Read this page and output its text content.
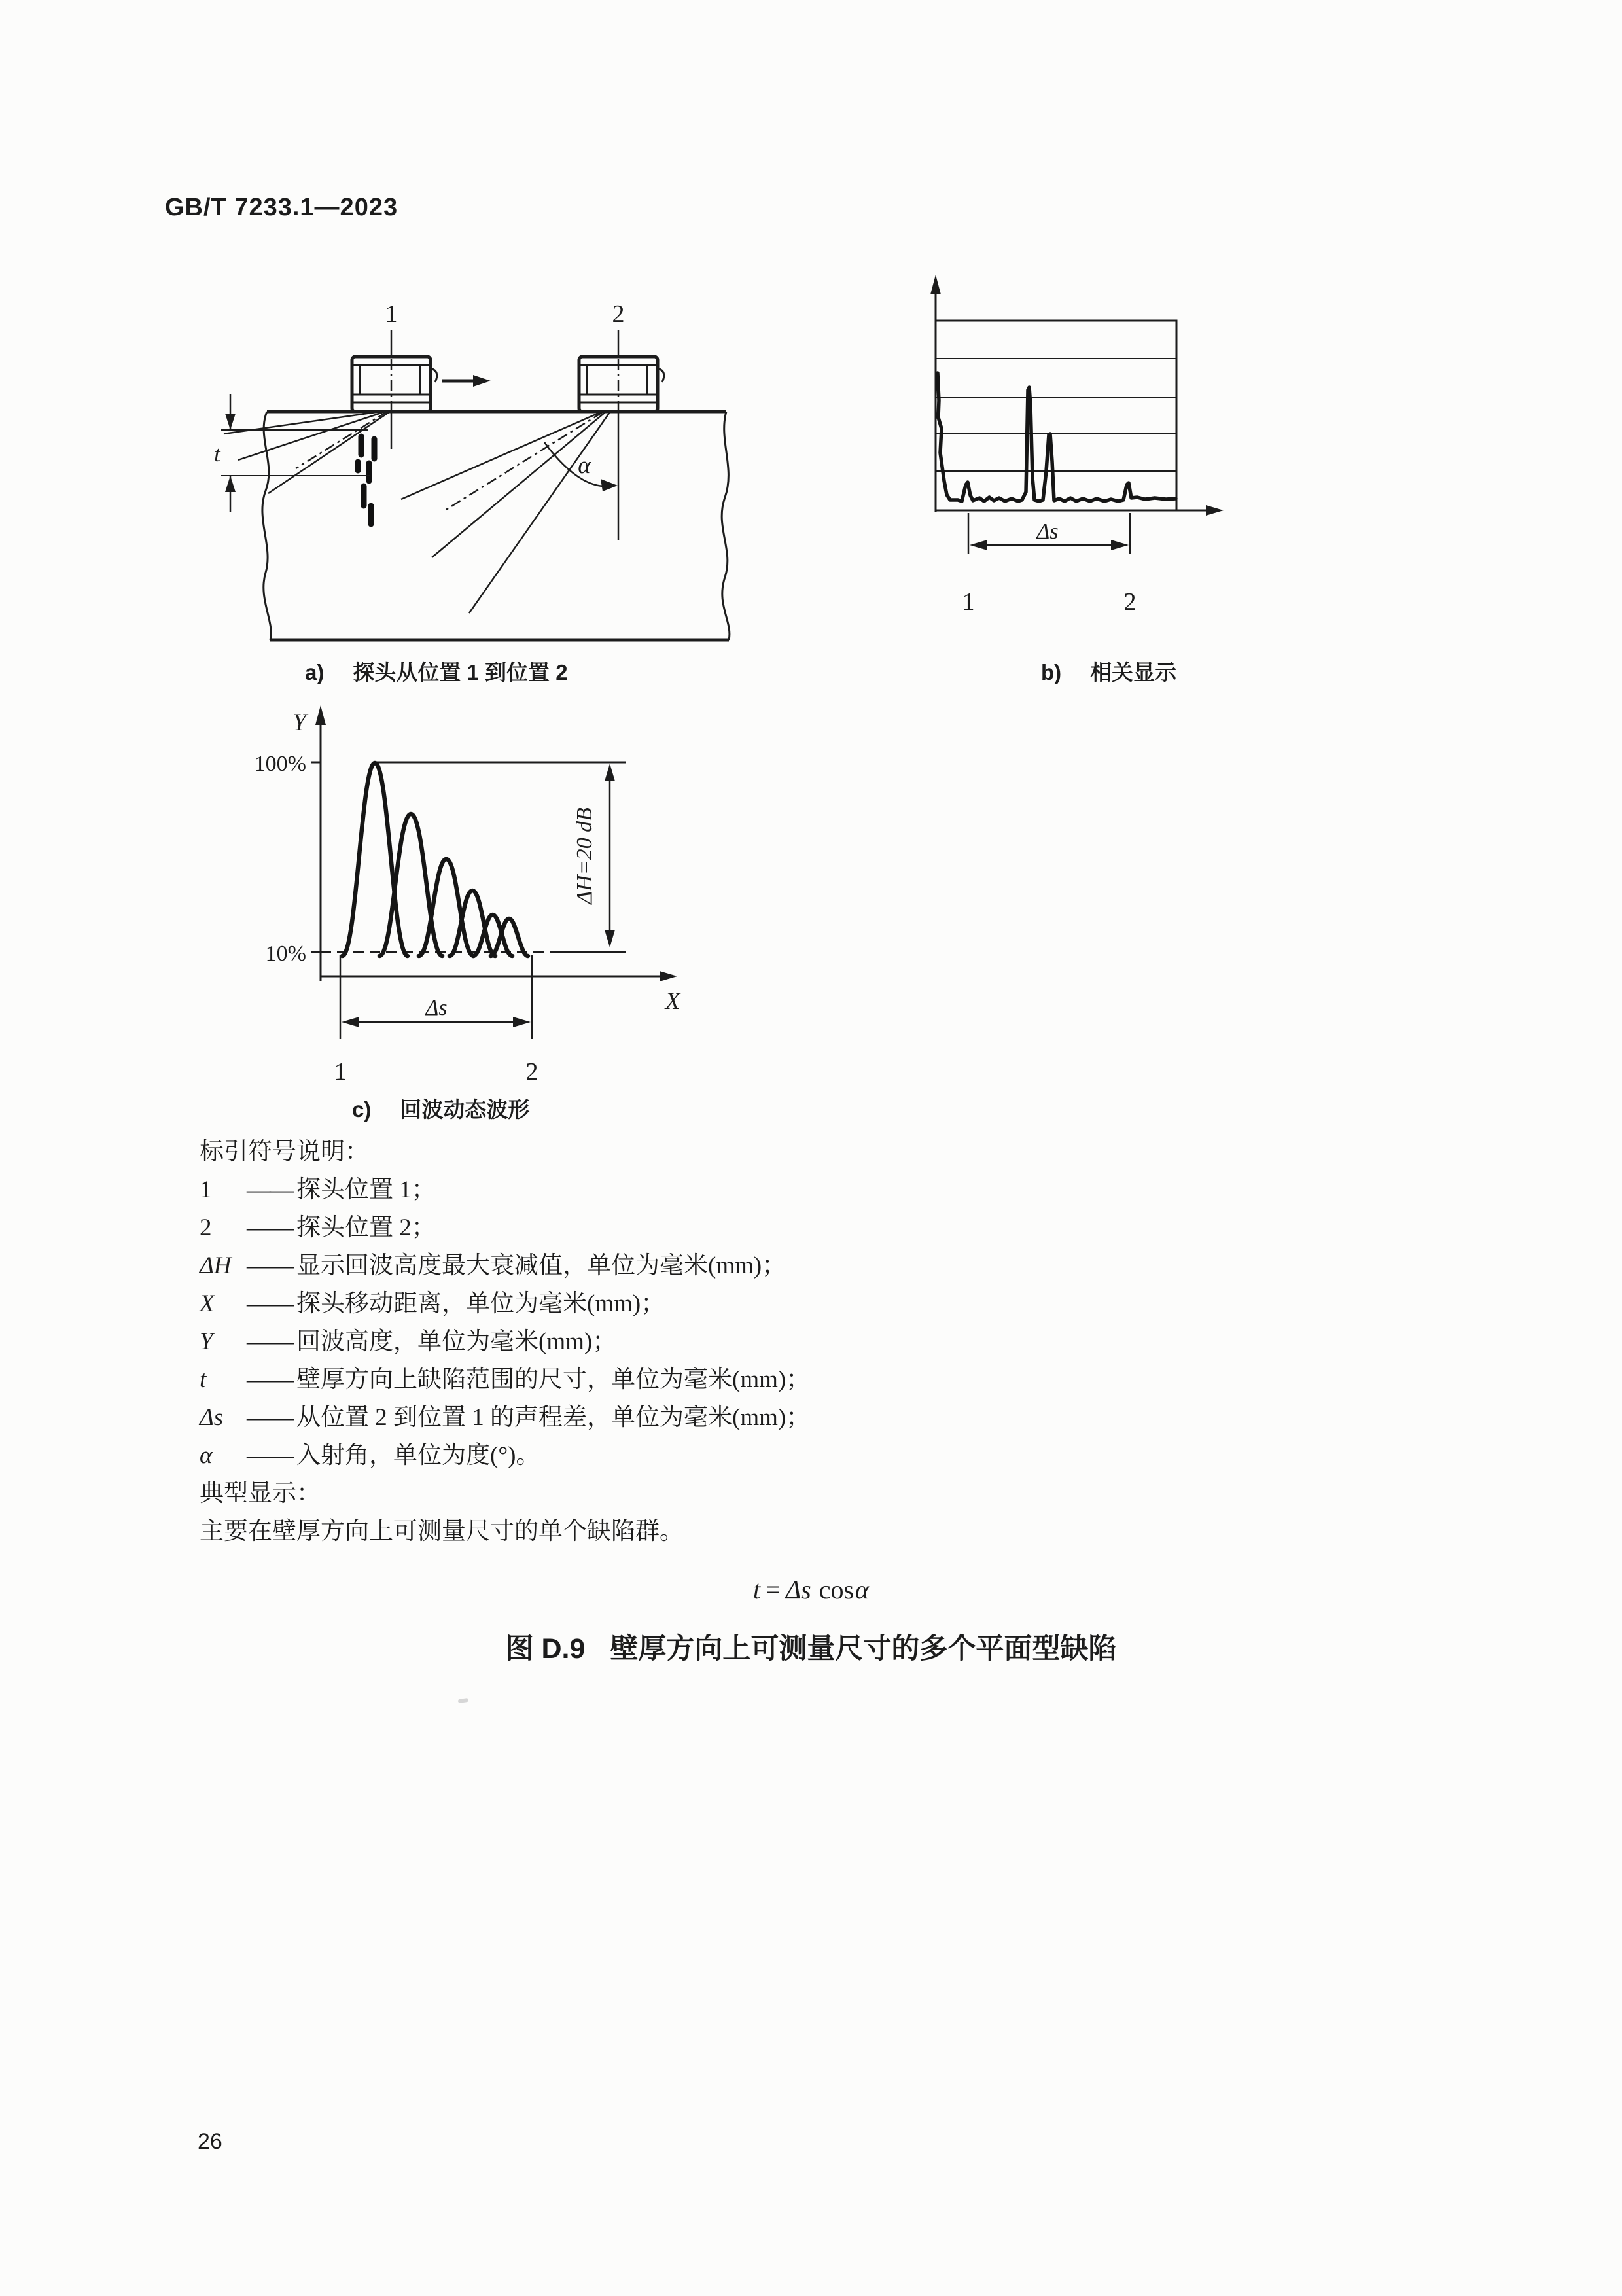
GB/T 7233.1—2023
1	2
α
t
a) 探头从位置 1 到位置 2
Δs
1	2
b) 相关显示
Y
X
100%
10%
ΔH=20 dB
Δs
1	2
c) 回波动态波形
标引符号说明：
1 —— 探头位置 1；
2 —— 探头位置 2；
ΔH —— 显示回波高度最大衰减值，单位为毫米(mm)；
X —— 探头移动距离，单位为毫米(mm)；
Y —— 回波高度，单位为毫米(mm)；
t —— 壁厚方向上缺陷范围的尺寸，单位为毫米(mm)；
Δs —— 从位置 2 到位置 1 的声程差，单位为毫米(mm)；
α —— 入射角，单位为度(°)。
典型显示：
主要在壁厚方向上可测量尺寸的单个缺陷群。
t = Δs cosα
图 D.9 壁厚方向上可测量尺寸的多个平面型缺陷
26
